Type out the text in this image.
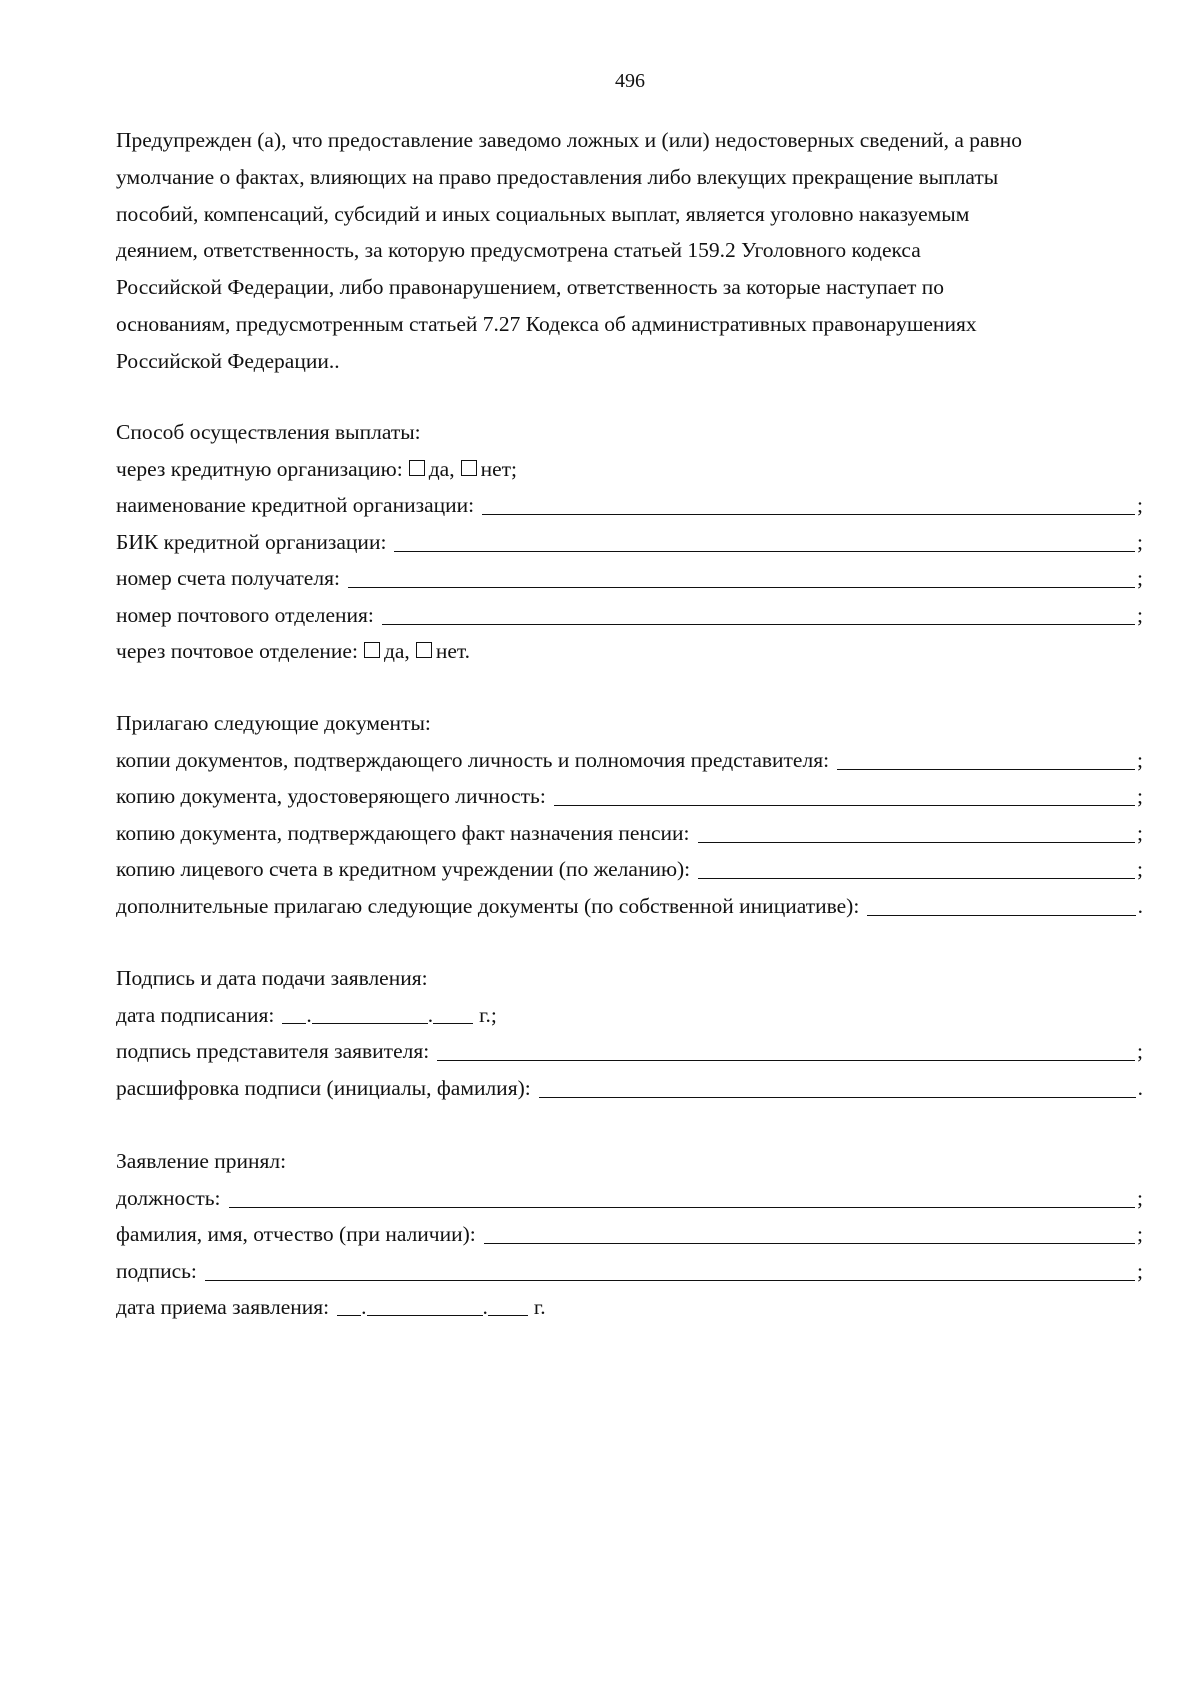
496
Предупрежден (а), что предоставление заведомо ложных и (или) недостоверных сведений, а равно
умолчание о фактах, влияющих на право предоставления либо влекущих прекращение выплаты
пособий, компенсаций, субсидий и иных социальных выплат, является уголовно наказуемым
деянием, ответственность, за которую предусмотрена статьей 159.2 Уголовного кодекса
Российской Федерации, либо правонарушением, ответственность за которые наступает по
основаниям, предусмотренным статьей 7.27 Кодекса об административных правонарушениях
Российской Федерации..
Способ осуществления выплаты:
через кредитную организацию: да, нет;
наименование кредитной организации:	;
БИК кредитной организации:	;
номер счета получателя:	;
номер почтового отделения:	;
через почтовое отделение: да, нет.
Прилагаю следующие документы:
копии документов, подтверждающего личность и полномочия представителя:	;
копию документа, удостоверяющего личность:	;
копию документа, подтверждающего факт назначения пенсии:	;
копию лицевого счета в кредитном учреждении (по желанию):	;
дополнительные прилагаю следующие документы (по собственной инициативе):	.
Подпись и дата подачи заявления:
дата подписания:	.	.	г.;
подпись представителя заявителя:	;
расшифровка подписи (инициалы, фамилия):	.
Заявление принял:
должность:	;
фамилия, имя, отчество (при наличии):	;
подпись:	;
дата приема заявления:	.	.	г.
